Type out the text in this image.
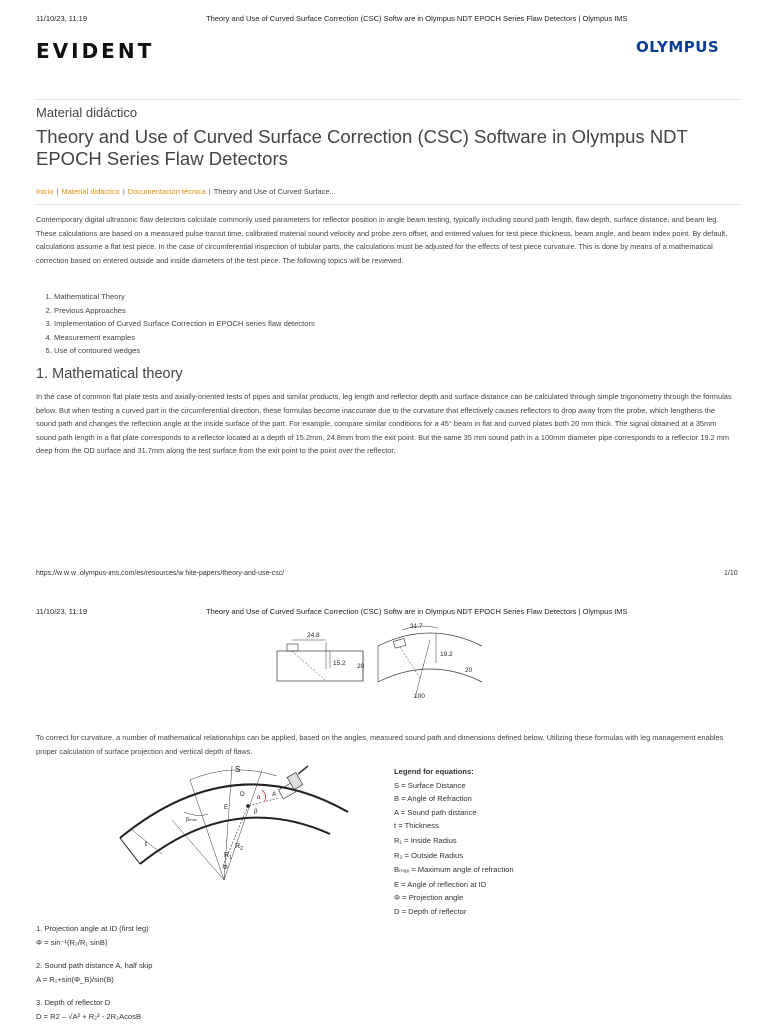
11/10/23, 11:19	Theory and Use of Curved Surface Correction (CSC) Softw are in Olympus NDT EPOCH Series Flaw Detectors | Olympus IMS
EVIDENT	OLYMPUS
Material didáctico
Theory and Use of Curved Surface Correction (CSC) Software in Olympus NDT EPOCH Series Flaw Detectors
Inicio | Material didáctico | Documentación técnica | Theory and Use of Curved Surface...
Contemporary digital ultrasonic flaw detectors calculate commonly used parameters for reflector position in angle beam testing, typically including sound path length, flaw depth, surface distance, and beam leg. These calculations are based on a measured pulse transit time, calibrated material sound velocity and probe zero offset, and entered values for test piece thickness, beam angle, and beam index point. By default, calculations assume a flat test piece. In the case of circumferential inspection of tubular parts, the calculations must be adjusted for the effects of test piece curvature. This is done by means of a mathematical correction based on entered outside and inside diameters of the test piece. The following topics will be reviewed.
1. Mathematical Theory
2. Previous Approaches
3. Implementation of Curved Surface Correction in EPOCH series flaw detectors
4. Measurement examples
5. Use of contoured wedges
1. Mathematical theory
In the case of common flat plate tests and axially-oriented tests of pipes and similar products, leg length and reflector depth and surface distance can be calculated through simple trigonometry through the formulas below. But when testing a curved part in the circumferential direction, these formulas become inaccurate due to the curvature that effectively causes reflectors to drop away from the probe, which lengthens the sound path and changes the reflection angle at the inside surface of the part. For example, compare similar conditions for a 45° beam in flat and curved plates both 20 mm thick. The signal obtained at a 35mm sound path length in a flat plate corresponds to a reflector located at a depth of 15.2mm, 24.8mm from the exit point. But the same 35 mm sound path in a 100mm diameter pipe corresponds to a reflector 19.2 mm deep from the OD surface and 31.7mm along the test surface from the exit point to the point over the reflector.
https://w w w .olympus-ims.com/es/resources/w hite-papers/theory-and-use-csc/	1/10
11/10/23, 11:19	Theory and Use of Curved Surface Correction (CSC) Softw are in Olympus NDT EPOCH Series Flaw Detectors | Olympus IMS
24.8
15.2 20
31.7
19.2
20
100
To correct for curvature, a number of mathematical relationships can be applied, based on the angles, measured sound path and dimensions defined below. Utilizing these formulas with leg management enables proper calculation of surface projection and vertical depth of flaws.
S
βmax
α
β
E
D	A
t
$R_1$
$R_2$
Φ
Legend for equations:
S = Surface Distance
B = Angle of Refraction
A = Sound path distance
t = Thickness
R₁ = Inside Radius
R₂ = Outside Radius
Bₘₐₓ = Maximum angle of refraction
E = Angle of reflection at ID
Φ = Projection angle
D = Depth of reflector
1. Projection angle at ID (first leg)
Φ = sin⁻¹(R₂/R₁ sinB)
2. Sound path distance A, half skip
A = R₁+sin(Φ_B)/sin(B)
3. Depth of reflector D
D = R2 – √A² + R₂² - 2R₂AcosB
